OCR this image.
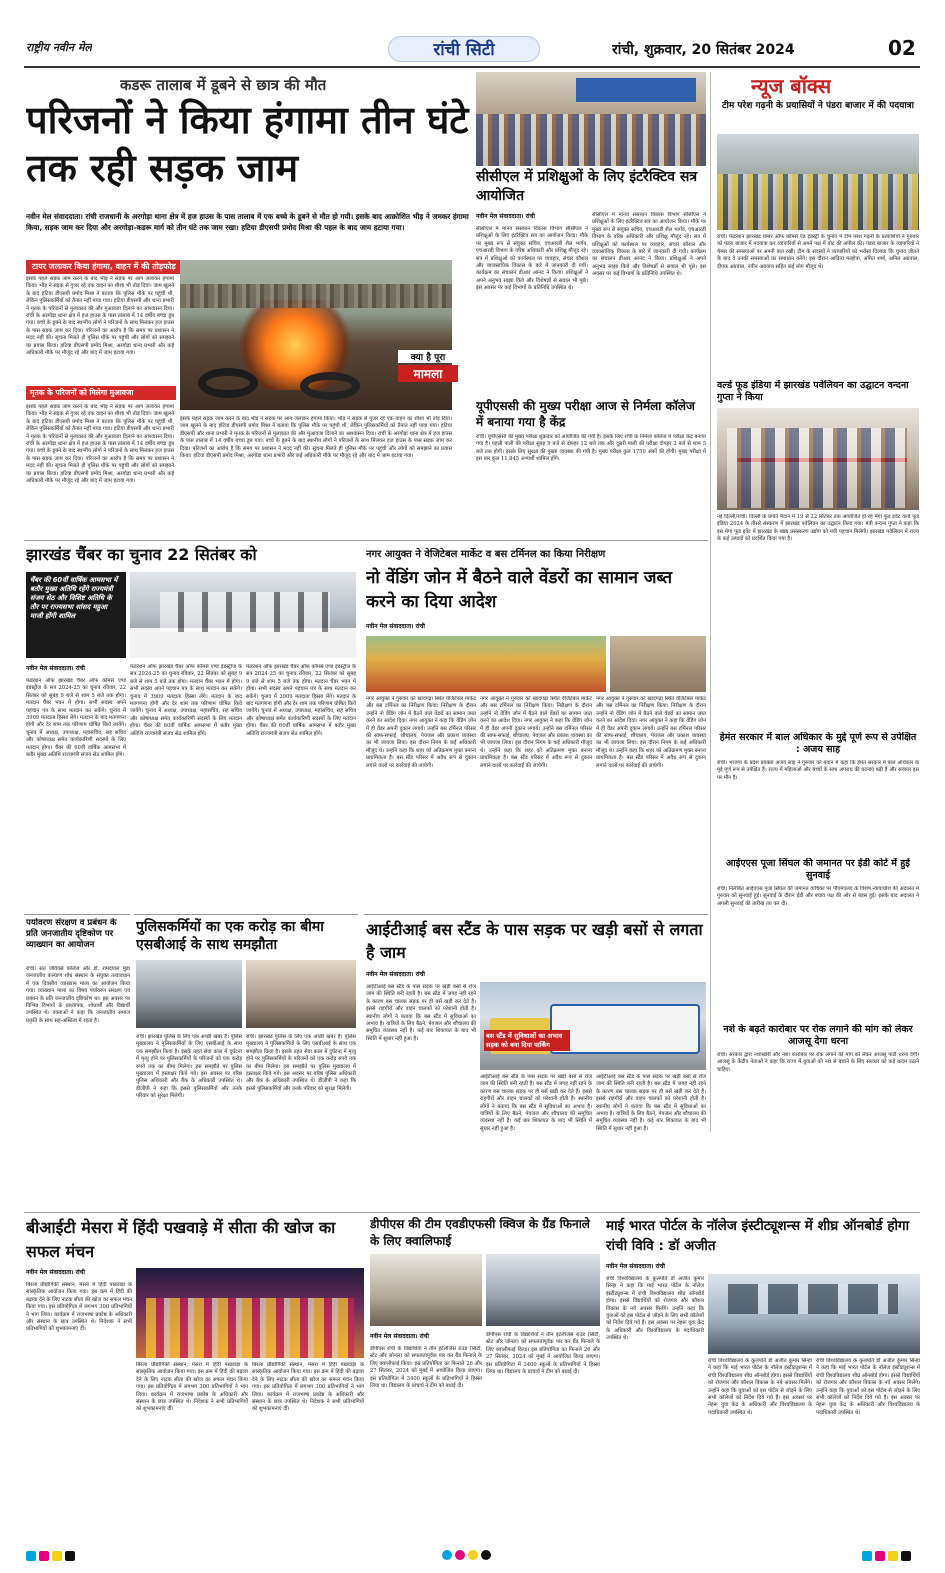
राष्ट्रीय नवीन मेल	रांची सिटी	रांची, शुक्रवार, 20 सितंबर 2024	02
कडरू तालाब में डूबने से छात्र की मौत
परिजनों ने किया हंगामा तीन घंटे तक रही सड़क जाम
नवीन मेल संवाददाता। रांची राजधानी के अरगोड़ा थाना क्षेत्र में हज हाउस के पास तालाब में एक बच्चे के डूबने से मौत हो गयी। इसके बाद आक्रोशित भीड़ ने जमकर हंगामा किया, सड़क जाम कर दिया और अरगोड़ा-कडरू मार्ग को तीन घंटे तक जाम रखा। हटिया डीएसपी प्रमोद मिश्रा की पहल के बाद जाम हटाया गया।
टायर जलाकर किया हंगामा, वाहन में की तोड़फोड़
क्या है पूरा
मामला
मृतक के परिजनों को मिलेगा मुआवजा
इसके पहले सड़क जाम करने के बाद भीड़ ने सड़क पर आग जलाकर हंगामा किया। भीड़ ने सड़क से गुजर रहे एक वाहन का शीशा भी तोड़ दिया। जाम खुलने के बाद हटिया डीएसपी प्रमोद मिश्रा ने बताया कि पुलिस मौके पर पहुंची थी, लेकिन पुलिसकर्मियों को तैनात नहीं पाया गया। हटिया डीएसपी और थाना प्रभारी ने मृतक के परिजनों से मुलाकात की और मुआवजा दिलाने का आश्वासन दिया। रांची के अरगोड़ा थाना क्षेत्र में हज हाउस के पास तालाब में 14 वर्षीय बच्चा डूब गया। बच्चे के डूबने के बाद स्थानीय लोगों ने परिजनों के साथ मिलकर हज हाउस के पास सड़क जाम कर दिया। परिजनों का आरोप है कि समय पर प्रशासन ने मदद नहीं की। सूचना मिलते ही पुलिस मौके पर पहुंची और लोगों को समझाने का प्रयास किया। हटिया डीएसपी प्रमोद मिश्रा, अरगोड़ा थाना प्रभारी और कई अधिकारी मौके पर मौजूद रहे और बाद में जाम हटाया गया।
इसके पहले सड़क जाम करने के बाद भीड़ ने सड़क पर आग जलाकर हंगामा किया। भीड़ ने सड़क से गुजर रहे एक वाहन का शीशा भी तोड़ दिया। जाम खुलने के बाद हटिया डीएसपी प्रमोद मिश्रा ने बताया कि पुलिस मौके पर पहुंची थी, लेकिन पुलिसकर्मियों को तैनात नहीं पाया गया। हटिया डीएसपी और थाना प्रभारी ने मृतक के परिजनों से मुलाकात की और मुआवजा दिलाने का आश्वासन दिया। रांची के अरगोड़ा थाना क्षेत्र में हज हाउस के पास तालाब में 14 वर्षीय बच्चा डूब गया। बच्चे के डूबने के बाद स्थानीय लोगों ने परिजनों के साथ मिलकर हज हाउस के पास सड़क जाम कर दिया। परिजनों का आरोप है कि समय पर प्रशासन ने मदद नहीं की। सूचना मिलते ही पुलिस मौके पर पहुंची और लोगों को समझाने का प्रयास किया। हटिया डीएसपी प्रमोद मिश्रा, अरगोड़ा थाना प्रभारी और कई अधिकारी मौके पर मौजूद रहे और बाद में जाम हटाया गया।
इसके पहले सड़क जाम करने के बाद भीड़ ने सड़क पर आग जलाकर हंगामा किया। भीड़ ने सड़क से गुजर रहे एक वाहन का शीशा भी तोड़ दिया। जाम खुलने के बाद हटिया डीएसपी प्रमोद मिश्रा ने बताया कि पुलिस मौके पर पहुंची थी, लेकिन पुलिसकर्मियों को तैनात नहीं पाया गया। हटिया डीएसपी और थाना प्रभारी ने मृतक के परिजनों से मुलाकात की और मुआवजा दिलाने का आश्वासन दिया। रांची के अरगोड़ा थाना क्षेत्र में हज हाउस के पास तालाब में 14 वर्षीय बच्चा डूब गया। बच्चे के डूबने के बाद स्थानीय लोगों ने परिजनों के साथ मिलकर हज हाउस के पास सड़क जाम कर दिया। परिजनों का आरोप है कि समय पर प्रशासन ने मदद नहीं की। सूचना मिलते ही पुलिस मौके पर पहुंची और लोगों को समझाने का प्रयास किया। हटिया डीएसपी प्रमोद मिश्रा, अरगोड़ा थाना प्रभारी और कई अधिकारी मौके पर मौजूद रहे और बाद में जाम हटाया गया।
सीसीएल में प्रशिक्षुओं के लिए इंटरैक्टिव सत्र आयोजित
नवीन मेल संवाददाता। रांची
सीसीएल में मानव संसाधन विकास विभाग सीसीएल ने प्रशिक्षुओं के लिए इंटरैक्टिव सत्र का आयोजन किया। मौके पर मुख्य रूप से संयुक्त सचिव, एचआरडी शैल भार्गव, एचआरडी विभाग के वरिष्ठ अधिकारी और प्रशिक्षु मौजूद रहे। सत्र में प्रशिक्षुओं को कार्यस्थल पर व्यवहार, संचार कौशल और व्यावसायिक विकास के बारे में जानकारी दी गयी। कार्यक्रम का संचालन डीआर आनंद ने किया। प्रशिक्षुओं ने अपने अनुभव साझा किये और विशेषज्ञों से सवाल भी पूछे। इस अवसर पर कई विभागों के प्रतिनिधि उपस्थित थे।
सीसीएल में मानव संसाधन विकास विभाग सीसीएल ने प्रशिक्षुओं के लिए इंटरैक्टिव सत्र का आयोजन किया। मौके पर मुख्य रूप से संयुक्त सचिव, एचआरडी शैल भार्गव, एचआरडी विभाग के वरिष्ठ अधिकारी और प्रशिक्षु मौजूद रहे। सत्र में प्रशिक्षुओं को कार्यस्थल पर व्यवहार, संचार कौशल और व्यावसायिक विकास के बारे में जानकारी दी गयी। कार्यक्रम का संचालन डीआर आनंद ने किया। प्रशिक्षुओं ने अपने अनुभव साझा किये और विशेषज्ञों से सवाल भी पूछे। इस अवसर पर कई विभागों के प्रतिनिधि उपस्थित थे।
यूपीएससी की मुख्य परीक्षा आज से निर्मला कॉलेज में बनाया गया है केंद्र
रांची। यूपीएससी की मुख्य परीक्षा शुक्रवार को आयोजित की गयी है। इसके लिए रांची के निर्मला कॉलेज में परीक्षा केंद्र बनाया गया है। पहली पाली की परीक्षा सुबह 9 बजे से दोपहर 12 बजे तक और दूसरी पाली की परीक्षा दोपहर 2 बजे से शाम 5 बजे तक होगी। इसके लिए सुरक्षा की पुख्ता व्यवस्था की गयी है। मुख्य परीक्षा कुल 1750 अंकों की होगी। मुख्य परीक्षा में इस बार कुल 11,845 अभ्यर्थी शामिल होंगे।
न्यूज बॉक्स
टीम परेश गढ़नी के प्रयासियों ने पंडरा बाजार में की पदयात्रा
रांची। फेडरेशन झारखंड चेम्बर ऑफ कॉमर्स एंड इंडस्ट्री के चुनाव में टीम परेश गढ़नी के प्रत्याशियों ने गुरुवार को पंडरा बाजार में पदयात्रा कर व्यापारियों से अपने पक्ष में वोट की अपील की। पंडरा बाजार के व्यापारियों ने चेम्बर की समस्याओं पर अपनी बात रखी। टीम के सदस्यों ने व्यापारियों को भरोसा दिलाया कि चुनाव जीतने के बाद वे उनकी समस्याओं का समाधान करेंगे। इस दौरान आदित्य मल्होत्रा, अमित शर्मा, अनिल अग्रवाल, दीपक अग्रवाल, नवीन अग्रवाल सहित कई लोग मौजूद थे।
वर्ल्ड फूड इंडिया में झारखंड पवेलियन का उद्घाटन वन्दना गुप्ता ने किया
नई दिल्ली/रांची। दिल्ली के प्रगति मैदान में 19 से 22 सितंबर तक आयोजित हो रहे मेगा फूड इवेंट वर्ल्ड फूड इंडिया 2024 के तीसरे संस्करण में झारखंड पवेलियन का उद्घाटन किया गया। मंत्री वन्दना गुप्ता ने कहा कि इस मेगा फूड इवेंट में झारखंड के खाद्य प्रसंस्करण उद्योग को नयी पहचान मिलेगी। झारखंड पवेलियन में राज्य के कई उत्पादों को प्रदर्शित किया गया है।
हेमंत सरकार में बाल अधिकार के मुद्दे पूर्ण रूप से उपेक्षित : अजय साह
रांची। भाजपा के प्रदेश प्रवक्ता अजय साह ने गुरुवार को बयान में कहा कि हेमंत सरकार में बाल अधिकार के मुद्दे पूर्ण रूप से उपेक्षित हैं। राज्य में महिलाओं और बच्चों के साथ अपराध की घटनाएं बढ़ी हैं और सरकार इस पर मौन है।
आईएएस पूजा सिंघल की जमानत पर ईडी कोर्ट में हुई सुनवाई
रांची। निलंबित आईएएस पूजा सिंघल की जमानत याचिका पर पीएमएलए के विशेष न्यायाधीश की अदालत में गुरुवार को सुनवाई हुई। सुनवाई के दौरान ईडी और बचाव पक्ष की ओर से बहस हुई। इसके बाद अदालत ने अगली सुनवाई की तारीख तय कर दी।
नशे के बढ़ते कारोबार पर रोक लगाने की मांग को लेकर आजसू देगा धरना
रांची। सरकार द्वारा नशाखोरी और नशा कारोबार पर रोक लगाने की मांग को लेकर आजसू पार्टी धरना देगी। आजसू के केंद्रीय नेताओं ने कहा कि राज्य में युवाओं को नशे से बचाने के लिए सरकार को कड़े कदम उठाने चाहिए।
झारखंड चैंबर का चुनाव 22 सितंबर को
चैंबर की 60वीं वार्षिक आमसभा में बतौर मुख्य अतिथि रहेंगे राज्यमंत्री संजय सेठ और विशिष्ट अतिथि के तौर पर राज्यसभा सांसद महुआ माजी होंगी शामिल
नवीन मेल संवाददाता। रांची
फेडरेशन ऑफ झारखंड चैंबर ऑफ कॉमर्स एण्ड इंडस्ट्रीज के सत्र 2024-25 का चुनाव रविवार, 22 सितंबर को सुबह 9 बजे से शाम 5 बजे तक होगा। मतदान चैंबर भवन में होगा। सभी सदस्य अपने पहचान पत्र के साथ मतदान कर सकेंगे। चुनाव में 3909 मतदाता हिस्सा लेंगे। मतदान के बाद मतगणना होगी और देर शाम तक परिणाम घोषित किये जायेंगे। चुनाव में अध्यक्ष, उपाध्यक्ष, महासचिव, सह सचिव और कोषाध्यक्ष समेत कार्यकारिणी सदस्यों के लिए मतदान होगा। चैंबर की 60वीं वार्षिक आमसभा में बतौर मुख्य अतिथि राज्यमंत्री संजय सेठ शामिल होंगे।
फेडरेशन ऑफ झारखंड चैंबर ऑफ कॉमर्स एण्ड इंडस्ट्रीज के सत्र 2024-25 का चुनाव रविवार, 22 सितंबर को सुबह 9 बजे से शाम 5 बजे तक होगा। मतदान चैंबर भवन में होगा। सभी सदस्य अपने पहचान पत्र के साथ मतदान कर सकेंगे। चुनाव में 3909 मतदाता हिस्सा लेंगे। मतदान के बाद मतगणना होगी और देर शाम तक परिणाम घोषित किये जायेंगे। चुनाव में अध्यक्ष, उपाध्यक्ष, महासचिव, सह सचिव और कोषाध्यक्ष समेत कार्यकारिणी सदस्यों के लिए मतदान होगा। चैंबर की 60वीं वार्षिक आमसभा में बतौर मुख्य अतिथि राज्यमंत्री संजय सेठ शामिल होंगे।
फेडरेशन ऑफ झारखंड चैंबर ऑफ कॉमर्स एण्ड इंडस्ट्रीज के सत्र 2024-25 का चुनाव रविवार, 22 सितंबर को सुबह 9 बजे से शाम 5 बजे तक होगा। मतदान चैंबर भवन में होगा। सभी सदस्य अपने पहचान पत्र के साथ मतदान कर सकेंगे। चुनाव में 3909 मतदाता हिस्सा लेंगे। मतदान के बाद मतगणना होगी और देर शाम तक परिणाम घोषित किये जायेंगे। चुनाव में अध्यक्ष, उपाध्यक्ष, महासचिव, सह सचिव और कोषाध्यक्ष समेत कार्यकारिणी सदस्यों के लिए मतदान होगा। चैंबर की 60वीं वार्षिक आमसभा में बतौर मुख्य अतिथि राज्यमंत्री संजय सेठ शामिल होंगे।
नगर आयुक्त ने वेजिटेबल मार्केट व बस टर्मिनल का किया निरीक्षण
नो वेंडिंग जोन में बैठने वाले वेंडरों का सामान जब्त करने का दिया आदेश
नवीन मेल संवाददाता। रांची
नगर आयुक्त ने गुरुवार को खादगढ़ा स्थित वेजिटेबल मार्केट और बस टर्मिनल का निरीक्षण किया। निरीक्षण के दौरान उन्होंने नो वेंडिंग जोन में बैठने वाले वेंडरों का सामान जब्त करने का आदेश दिया। नगर आयुक्त ने कहा कि वेंडिंग जोन में ही वेंडर अपनी दुकान लगायें। उन्होंने बस टर्मिनल परिसर की साफ-सफाई, शौचालय, पेयजल और प्रकाश व्यवस्था का भी जायजा लिया। इस दौरान निगम के कई अधिकारी मौजूद थे। उन्होंने कहा कि शहर को अतिक्रमण मुक्त बनाना प्राथमिकता है। बस स्टैंड परिसर में अवैध रूप से दुकान लगाने वालों पर कार्रवाई की जायेगी।
नगर आयुक्त ने गुरुवार को खादगढ़ा स्थित वेजिटेबल मार्केट और बस टर्मिनल का निरीक्षण किया। निरीक्षण के दौरान उन्होंने नो वेंडिंग जोन में बैठने वाले वेंडरों का सामान जब्त करने का आदेश दिया। नगर आयुक्त ने कहा कि वेंडिंग जोन में ही वेंडर अपनी दुकान लगायें। उन्होंने बस टर्मिनल परिसर की साफ-सफाई, शौचालय, पेयजल और प्रकाश व्यवस्था का भी जायजा लिया। इस दौरान निगम के कई अधिकारी मौजूद थे। उन्होंने कहा कि शहर को अतिक्रमण मुक्त बनाना प्राथमिकता है। बस स्टैंड परिसर में अवैध रूप से दुकान लगाने वालों पर कार्रवाई की जायेगी।
नगर आयुक्त ने गुरुवार को खादगढ़ा स्थित वेजिटेबल मार्केट और बस टर्मिनल का निरीक्षण किया। निरीक्षण के दौरान उन्होंने नो वेंडिंग जोन में बैठने वाले वेंडरों का सामान जब्त करने का आदेश दिया। नगर आयुक्त ने कहा कि वेंडिंग जोन में ही वेंडर अपनी दुकान लगायें। उन्होंने बस टर्मिनल परिसर की साफ-सफाई, शौचालय, पेयजल और प्रकाश व्यवस्था का भी जायजा लिया। इस दौरान निगम के कई अधिकारी मौजूद थे। उन्होंने कहा कि शहर को अतिक्रमण मुक्त बनाना प्राथमिकता है। बस स्टैंड परिसर में अवैध रूप से दुकान लगाने वालों पर कार्रवाई की जायेगी।
पर्यावरण संरक्षण व प्रबंधन के प्रति जनजातीय दृष्टिकोण पर व्याख्यान का आयोजन
रांची। संत जेवियर्स कॉलेज और डॉ. रामदयाल मुंडा जनजातीय कल्याण शोध संस्थान के संयुक्त तत्वावधान में एक दिवसीय व्याख्यान माला का आयोजन किया गया। व्याख्यान माला का विषय पर्यावरण संरक्षण एवं प्रबंधन के प्रति जनजातीय दृष्टिकोण था। इस अवसर पर विभिन्न विभागों के प्राध्यापक, शोधार्थी और विद्यार्थी उपस्थित थे। वक्ताओं ने कहा कि जनजातीय समाज प्रकृति के साथ सह-अस्तित्व में रहता है।
पुलिसकर्मियों का एक करोड़ का बीमा एसबीआई के साथ समझौता
रांची। झारखंड पुलिस के लिए एक अच्छी खबर है। पुलिस मुख्यालय ने पुलिसकर्मियों के लिए एसबीआई के साथ एक समझौता किया है। इसके तहत सेवा काल में दुर्घटना में मृत्यु होने पर पुलिसकर्मियों के परिजनों को एक करोड़ रुपये तक का बीमा मिलेगा। इस समझौते पर पुलिस मुख्यालय में हस्ताक्षर किये गये। इस अवसर पर वरिष्ठ पुलिस अधिकारी और बैंक के अधिकारी उपस्थित थे। डीजीपी ने कहा कि इससे पुलिसकर्मियों और उनके परिवार को सुरक्षा मिलेगी।
रांची। झारखंड पुलिस के लिए एक अच्छी खबर है। पुलिस मुख्यालय ने पुलिसकर्मियों के लिए एसबीआई के साथ एक समझौता किया है। इसके तहत सेवा काल में दुर्घटना में मृत्यु होने पर पुलिसकर्मियों के परिजनों को एक करोड़ रुपये तक का बीमा मिलेगा। इस समझौते पर पुलिस मुख्यालय में हस्ताक्षर किये गये। इस अवसर पर वरिष्ठ पुलिस अधिकारी और बैंक के अधिकारी उपस्थित थे। डीजीपी ने कहा कि इससे पुलिसकर्मियों और उनके परिवार को सुरक्षा मिलेगी।
आईटीआई बस स्टैंड के पास सड़क पर खड़ी बसों से लगता है जाम
नवीन मेल संवाददाता। रांची
बस स्टैंड में सुविधाओं का अभाव सड़क को बना दिया पार्किंग
आईटीआई बस स्टैंड के पास सड़क पर खड़ी बसों से रोज जाम की स्थिति बनी रहती है। बस स्टैंड में जगह नहीं रहने के कारण बस चालक सड़क पर ही बसें खड़ी कर देते हैं। इससे राहगीरों और वाहन चालकों को परेशानी होती है। स्थानीय लोगों ने बताया कि बस स्टैंड में सुविधाओं का अभाव है। यात्रियों के लिए बैठने, पेयजल और शौचालय की समुचित व्यवस्था नहीं है। कई बार शिकायत के बाद भी स्थिति में सुधार नहीं हुआ है।
आईटीआई बस स्टैंड के पास सड़क पर खड़ी बसों से रोज जाम की स्थिति बनी रहती है। बस स्टैंड में जगह नहीं रहने के कारण बस चालक सड़क पर ही बसें खड़ी कर देते हैं। इससे राहगीरों और वाहन चालकों को परेशानी होती है। स्थानीय लोगों ने बताया कि बस स्टैंड में सुविधाओं का अभाव है। यात्रियों के लिए बैठने, पेयजल और शौचालय की समुचित व्यवस्था नहीं है। कई बार शिकायत के बाद भी स्थिति में सुधार नहीं हुआ है।
आईटीआई बस स्टैंड के पास सड़क पर खड़ी बसों से रोज जाम की स्थिति बनी रहती है। बस स्टैंड में जगह नहीं रहने के कारण बस चालक सड़क पर ही बसें खड़ी कर देते हैं। इससे राहगीरों और वाहन चालकों को परेशानी होती है। स्थानीय लोगों ने बताया कि बस स्टैंड में सुविधाओं का अभाव है। यात्रियों के लिए बैठने, पेयजल और शौचालय की समुचित व्यवस्था नहीं है। कई बार शिकायत के बाद भी स्थिति में सुधार नहीं हुआ है।
बीआईटी मेसरा में हिंदी पखवाड़े में सीता की खोज का सफल मंचन
नवीन मेल संवाददाता। रांची
बिरला प्रौद्योगिकी संस्थान, मेसरा में हिंदी पखवाड़ा के सांस्कृतिक आयोजन किया गया। इस क्रम में हिंदी की बढ़ावा देने के लिए नाटक सीता की खोज का सफल मंचन किया गया। इस प्रतियोगिता में लगभग 300 प्रतिभागियों ने भाग लिया। कार्यक्रम में राजभाषा प्रकोष्ठ के अधिकारी और संस्थान के छात्र उपस्थित थे। निदेशक ने सभी प्रतिभागियों को शुभकामनाएं दीं।
बिरला प्रौद्योगिकी संस्थान, मेसरा में हिंदी पखवाड़ा के सांस्कृतिक आयोजन किया गया। इस क्रम में हिंदी की बढ़ावा देने के लिए नाटक सीता की खोज का सफल मंचन किया गया। इस प्रतियोगिता में लगभग 300 प्रतिभागियों ने भाग लिया। कार्यक्रम में राजभाषा प्रकोष्ठ के अधिकारी और संस्थान के छात्र उपस्थित थे। निदेशक ने सभी प्रतिभागियों को शुभकामनाएं दीं।
बिरला प्रौद्योगिकी संस्थान, मेसरा में हिंदी पखवाड़ा के सांस्कृतिक आयोजन किया गया। इस क्रम में हिंदी की बढ़ावा देने के लिए नाटक सीता की खोज का सफल मंचन किया गया। इस प्रतियोगिता में लगभग 300 प्रतिभागियों ने भाग लिया। कार्यक्रम में राजभाषा प्रकोष्ठ के अधिकारी और संस्थान के छात्र उपस्थित थे। निदेशक ने सभी प्रतिभागियों को शुभकामनाएं दीं।
डीपीएस की टीम एवडीएफसी क्विज के ग्रैंड फिनाले के लिए क्वालिफाई
नवीन मेल संवाददाता। रांची
डीपीएस रांची के विद्यार्थियों ने तीन इंटेलीजेंस राउंड (सिटी, स्टेट और जोनल) को सफलतापूर्वक पार कर ग्रैंड फिनाले के लिए क्वालीफाई किया। इस प्रतियोगिता का फिनाले 26 और 27 सितंबर, 2024 को मुंबई में आयोजित किया जाएगा। इस प्रतियोगिता में 3400 स्कूलों के प्रतिभागियों ने हिस्सा लिया था। विद्यालय के प्राचार्य ने टीम को बधाई दी।
डीपीएस रांची के विद्यार्थियों ने तीन इंटेलीजेंस राउंड (सिटी, स्टेट और जोनल) को सफलतापूर्वक पार कर ग्रैंड फिनाले के लिए क्वालीफाई किया। इस प्रतियोगिता का फिनाले 26 और 27 सितंबर, 2024 को मुंबई में आयोजित किया जाएगा। इस प्रतियोगिता में 3400 स्कूलों के प्रतिभागियों ने हिस्सा लिया था। विद्यालय के प्राचार्य ने टीम को बधाई दी।
माई भारत पोर्टल के नॉलेज इंस्टीट्यूशन्स में शीघ्र ऑनबोर्ड होगा रांची विवि : डॉ अजीत
नवीन मेल संवाददाता। रांची
रांची विश्वविद्यालय के कुलपति डॉ अजीत कुमार सिन्हा ने कहा कि माई भारत पोर्टल के नॉलेज इंस्टीट्यूशन्स में रांची विश्वविद्यालय शीघ्र ऑनबोर्ड होगा। इससे विद्यार्थियों को रोजगार और कौशल विकास के नये अवसर मिलेंगे। उन्होंने कहा कि युवाओं को इस पोर्टल से जोड़ने के लिए सभी कॉलेजों को निर्देश दिये गये हैं। इस अवसर पर नेहरू युवा केंद्र के अधिकारी और विश्वविद्यालय के पदाधिकारी उपस्थित थे।
रांची विश्वविद्यालय के कुलपति डॉ अजीत कुमार सिन्हा ने कहा कि माई भारत पोर्टल के नॉलेज इंस्टीट्यूशन्स में रांची विश्वविद्यालय शीघ्र ऑनबोर्ड होगा। इससे विद्यार्थियों को रोजगार और कौशल विकास के नये अवसर मिलेंगे। उन्होंने कहा कि युवाओं को इस पोर्टल से जोड़ने के लिए सभी कॉलेजों को निर्देश दिये गये हैं। इस अवसर पर नेहरू युवा केंद्र के अधिकारी और विश्वविद्यालय के पदाधिकारी उपस्थित थे।
रांची विश्वविद्यालय के कुलपति डॉ अजीत कुमार सिन्हा ने कहा कि माई भारत पोर्टल के नॉलेज इंस्टीट्यूशन्स में रांची विश्वविद्यालय शीघ्र ऑनबोर्ड होगा। इससे विद्यार्थियों को रोजगार और कौशल विकास के नये अवसर मिलेंगे। उन्होंने कहा कि युवाओं को इस पोर्टल से जोड़ने के लिए सभी कॉलेजों को निर्देश दिये गये हैं। इस अवसर पर नेहरू युवा केंद्र के अधिकारी और विश्वविद्यालय के पदाधिकारी उपस्थित थे।
